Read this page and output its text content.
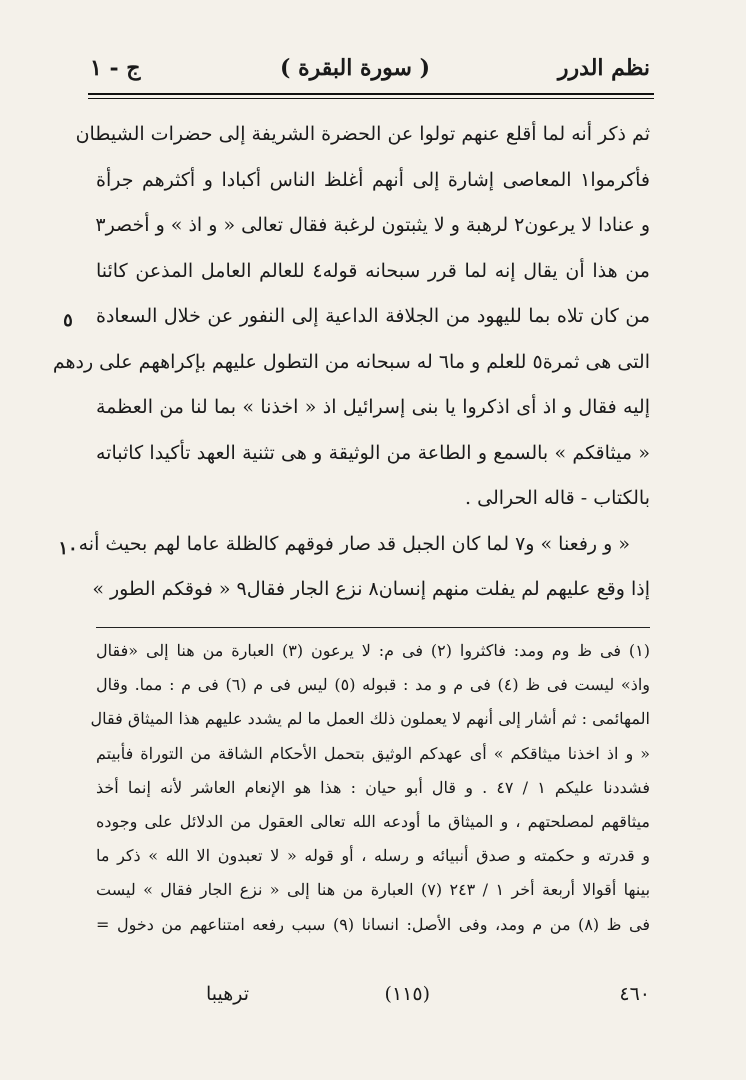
نظم الدرر
( سورة البقرة )
ج - ١
ثم ذكر أنه لما أقلع عنهم تولوا عن الحضرة الشريفة إلى حضرات الشيطان
فأكرموا١ المعاصى إشارة إلى أنهم أغلظ الناس أكبادا و أكثرهم جرأة
و عنادا لا يرعون٢ لرهبة و لا يثبتون لرغبة فقال تعالى « و اذ » و أخصر٣
من هذا أن يقال إنه لما قرر سبحانه قوله٤ للعالم العامل المذعن كائنا
من كان تلاه بما لليهود من الجلافة الداعية إلى النفور عن خلال السعادة
التى هى ثمرة٥ للعلم و ما٦ له سبحانه من التطول عليهم بإكراههم على ردهم
إليه فقال و اذ أى اذكروا يا بنى إسرائيل اذ « اخذنا » بما لنا من العظمة
« ميثاقكم » بالسمع و الطاعة من الوثيقة و هى تثنية العهد تأكيدا كاثباته
بالكتاب - قاله الحرالى .
« و رفعنا » و٧ لما كان الجبل قد صار فوقهم كالظلة عاما لهم بحيث أنه
إذا وقع عليهم لم يفلت منهم إنسان٨ نزع الجار فقال٩ « فوقكم الطور »
٥
١٠
(١) فى ظ وم ومد: فاكثروا (٢) فى م: لا يرعون (٣) العبارة من هنا إلى «فقال
واذ» ليست فى ظ (٤) فى م و مد : قبوله (٥) ليس فى م (٦) فى م : مما. وقال
المهائمى : ثم أشار إلى أنهم لا يعملون ذلك العمل ما لم يشدد عليهم هذا الميثاق فقال
« و اذ اخذنا ميثاقكم » أى عهدكم الوثيق بتحمل الأحكام الشاقة من التوراة فأبيتم
فشددنا عليكم ١ / ٤٧ . و قال أبو حيان : هذا هو الإنعام العاشر لأنه إنما أخذ
ميثاقهم لمصلحتهم ، و الميثاق ما أودعه الله تعالى العقول من الدلائل على وجوده
و قدرته و حكمته و صدق أنبيائه و رسله ، أو قوله « لا تعبدون الا الله » ذكر ما
بينها أقوالا أربعة أخر ١ / ٢٤٣ (٧) العبارة من هنا إلى « نزع الجار فقال » ليست
فى ظ (٨) من م ومد، وفى الأصل: انسانا (٩) سبب رفعه امتناعهم من دخول =
٤٦٠
(١١٥)
ترهيبا
